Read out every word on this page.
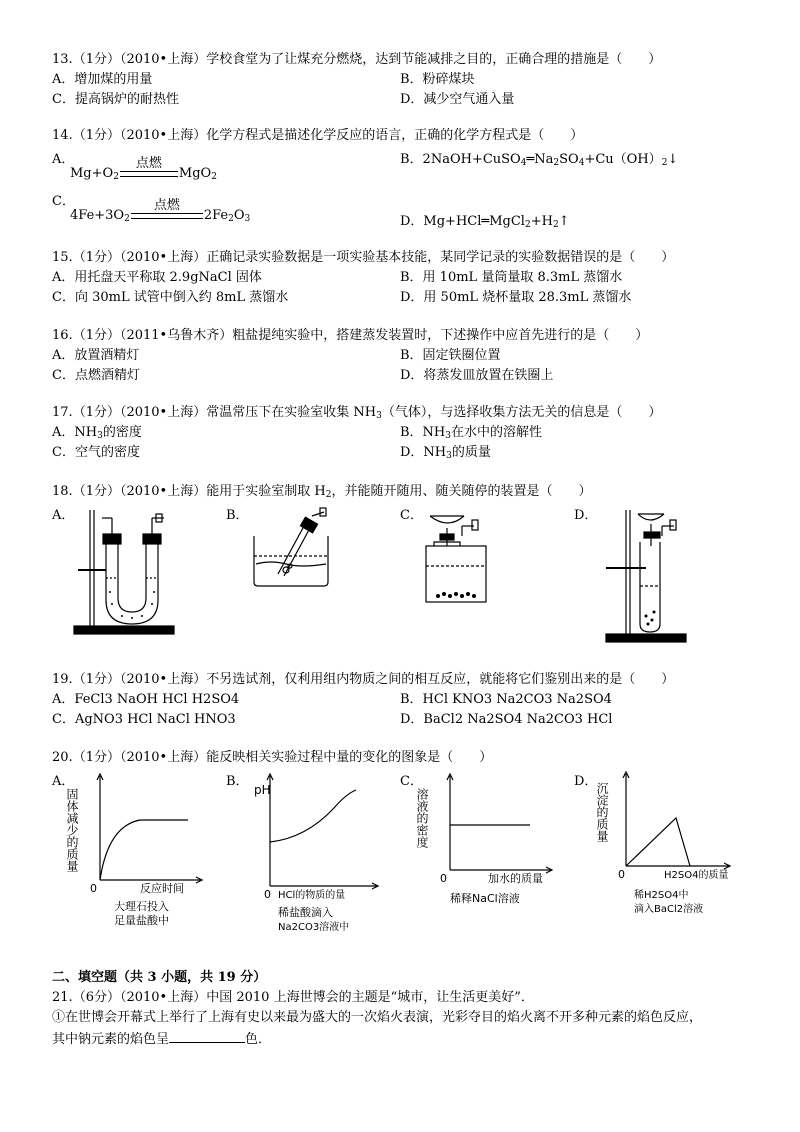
13.（1分）（2010•上海）学校食堂为了让煤充分燃烧，达到节能减排之目的，正确合理的措施是（　　）
A．增加煤的用量	B．粉碎煤块
C．提高锅炉的耐热性	D．减少空气通入量
14.（1分）（2010•上海）化学方程式是描述化学反应的语言，正确的化学方程式是（　　）
A．
$Mg+O_2$
点燃
MgO$_2$
B．$2NaOH+CuSO_4═Na_2SO_4+Cu(OH)_2↓$
C．
$4Fe+3O_2$
点燃
$2Fe_2O_3$	D．$Mg+HCl═MgCl_2+H_2↑$
15.（1分）（2010•上海）正确记录实验数据是一项实验基本技能，某同学记录的实验数据错误的是（　　）
A．用托盘天平称取 2.9gNaCl 固体	B．用 10mL 量筒量取 8.3mL 蒸馏水
C．向 30mL 试管中倒入约 8mL 蒸馏水	D．用 50mL 烧杯量取 28.3mL 蒸馏水
16.（1分）（2011•乌鲁木齐）粗盐提纯实验中，搭建蒸发装置时，下述操作中应首先进行的是（　　）
A．放置酒精灯	B．固定铁圈位置
C．点燃酒精灯	D．将蒸发皿放置在铁圈上
17.（1分）（2010•上海）常温常压下在实验室收集 $NH_3$（气体），与选择收集方法无关的信息是（　　）
A．$NH_3$的密度	B．$NH_3$在水中的溶解性
C．空气的密度	D．$NH_3$的质量
18.（1分）（2010•上海）能用于实验室制取 $H_2$，并能随开随用、随关随停的装置是（　　）
A．	B．	C．	D．
19.（1分）（2010•上海）不另选试剂，仅利用组内物质之间的相互反应，就能将它们鉴别出来的是（　　）
A．FeCl3 NaOH HCl H2SO4	B．HCl KNO3 Na2CO3 Na2SO4
C．AgNO3 HCl NaCl HNO3	D．BaCl2 Na2SO4 Na2CO3 HCl
20.（1分）（2010•上海）能反映相关实验过程中量的变化的图象是（　　）
A．	B．	C．	D．
固体减少的质量
0	反应时间
大理石投入
足量盐酸中
pH
0 HCl的物质的量
稀盐酸滴入
Na2CO3溶液中
溶液的密度
0	加水的质量
稀释NaCl溶液
沉淀的质量
0	H2SO4的质量
稀H2SO4中
滴入BaCl2溶液
二、填空题（共 3 小题，共 19 分）
21.（6分）（2010•上海）中国 2010 上海世博会的主题是“城市，让生活更美好”．
①在世博会开幕式上举行了上海有史以来最为盛大的一次焰火表演，光彩夺目的焰火离不开多种元素的焰色反应，
其中钠元素的焰色呈	色．
